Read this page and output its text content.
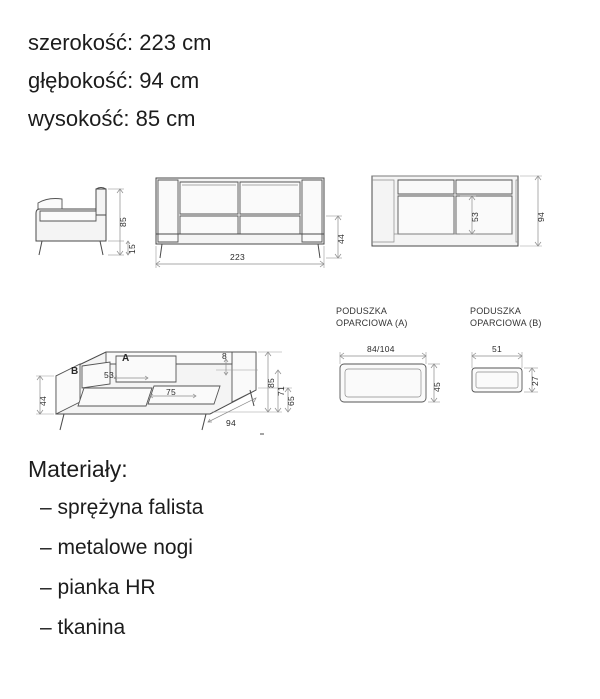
szerokość: 223 cm
głębokość: 94 cm
wysokość: 85 cm
85
15
223
44
53	94
A
B
8
53
75
65
71
85
94
44
PODUSZKA
OPARCIOWA (A)
84/104
45
PODUSZKA
OPARCIOWA (B)
51
27
Materiały:
– sprężyna falista
– metalowe nogi
– pianka HR
– tkanina
